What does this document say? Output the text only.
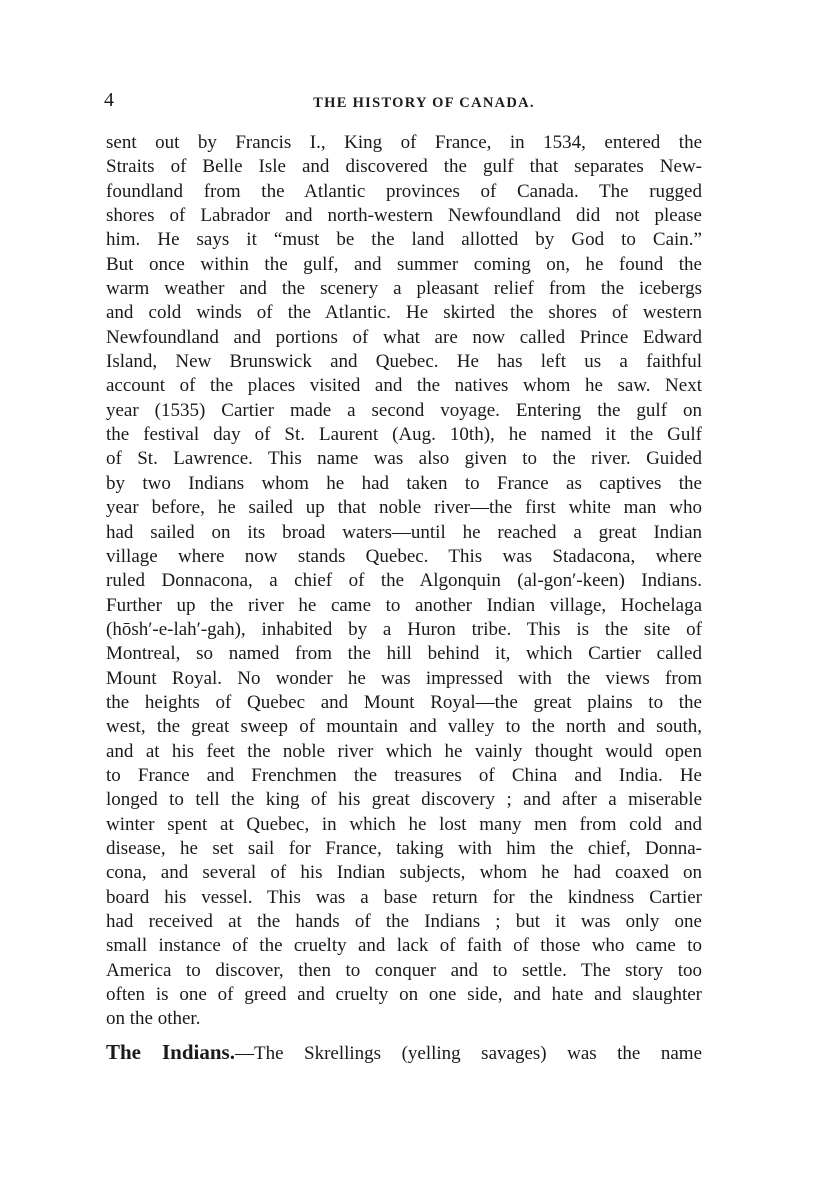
4	THE HISTORY OF CANADA.
sent out by Francis I., King of France, in 1534, entered the
Straits of Belle Isle and discovered the gulf that separates New-
foundland from the Atlantic provinces of Canada. The rugged
shores of Labrador and north-western Newfoundland did not please
him. He says it “must be the land allotted by God to Cain.”
But once within the gulf, and summer coming on, he found the
warm weather and the scenery a pleasant relief from the icebergs
and cold winds of the Atlantic. He skirted the shores of western
Newfoundland and portions of what are now called Prince Edward
Island, New Brunswick and Quebec. He has left us a faithful
account of the places visited and the natives whom he saw. Next
year (1535) Cartier made a second voyage. Entering the gulf on
the festival day of St. Laurent (Aug. 10th), he named it the Gulf
of St. Lawrence. This name was also given to the river. Guided
by two Indians whom he had taken to France as captives the
year before, he sailed up that noble river—the first white man who
had sailed on its broad waters—until he reached a great Indian
village where now stands Quebec. This was Stadacona, where
ruled Donnacona, a chief of the Algonquin (al-gon′-keen) Indians.
Further up the river he came to another Indian village, Hochelaga
(hōsh′-e-lah′-gah), inhabited by a Huron tribe. This is the site of
Montreal, so named from the hill behind it, which Cartier called
Mount Royal. No wonder he was impressed with the views from
the heights of Quebec and Mount Royal—the great plains to the
west, the great sweep of mountain and valley to the north and south,
and at his feet the noble river which he vainly thought would open
to France and Frenchmen the treasures of China and India. He
longed to tell the king of his great discovery ; and after a miserable
winter spent at Quebec, in which he lost many men from cold and
disease, he set sail for France, taking with him the chief, Donna-
cona, and several of his Indian subjects, whom he had coaxed on
board his vessel. This was a base return for the kindness Cartier
had received at the hands of the Indians ; but it was only one
small instance of the cruelty and lack of faith of those who came to
America to discover, then to conquer and to settle. The story too
often is one of greed and cruelty on one side, and hate and slaughter
on the other.
The Indians.—The Skrellings (yelling savages) was the name
